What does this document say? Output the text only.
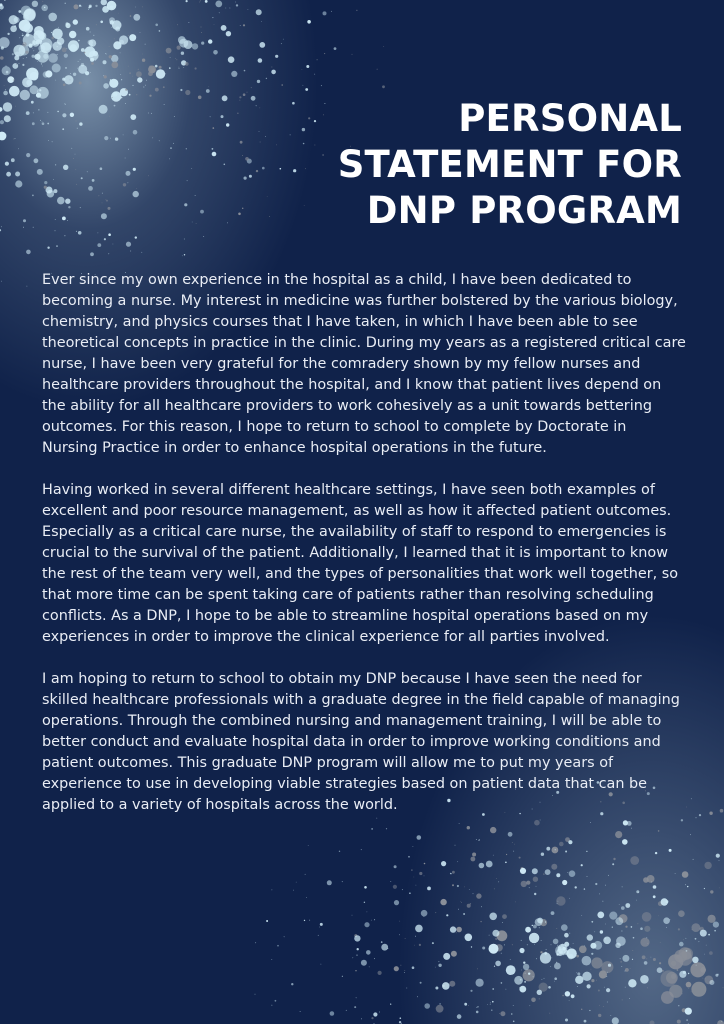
PERSONAL
STATEMENT FOR
DNP PROGRAM

Ever since my own experience in the hospital as a child, I have been dedicated to becoming a nurse. My interest in medicine was further bolstered by the various biology, chemistry, and physics courses that I have taken, in which I have been able to see theoretical concepts in practice in the clinic. During my years as a registered critical care nurse, I have been very grateful for the comradery shown by my fellow nurses and healthcare providers throughout the hospital, and I know that patient lives depend on the ability for all healthcare providers to work cohesively as a unit towards bettering outcomes. For this reason, I hope to return to school to complete by Doctorate in Nursing Practice in order to enhance hospital operations in the future.

Having worked in several different healthcare settings, I have seen both examples of excellent and poor resource management, as well as how it affected patient outcomes. Especially as a critical care nurse, the availability of staff to respond to emergencies is crucial to the survival of the patient. Additionally, I learned that it is important to know the rest of the team very well, and the types of personalities that work well together, so that more time can be spent taking care of patients rather than resolving scheduling conflicts. As a DNP, I hope to be able to streamline hospital operations based on my experiences in order to improve the clinical experience for all parties involved.

I am hoping to return to school to obtain my DNP because I have seen the need for skilled healthcare professionals with a graduate degree in the field capable of managing operations. Through the combined nursing and management training, I will be able to better conduct and evaluate hospital data in order to improve working conditions and patient outcomes. This graduate DNP program will allow me to put my years of experience to use in developing viable strategies based on patient data that can be applied to a variety of hospitals across the world.
